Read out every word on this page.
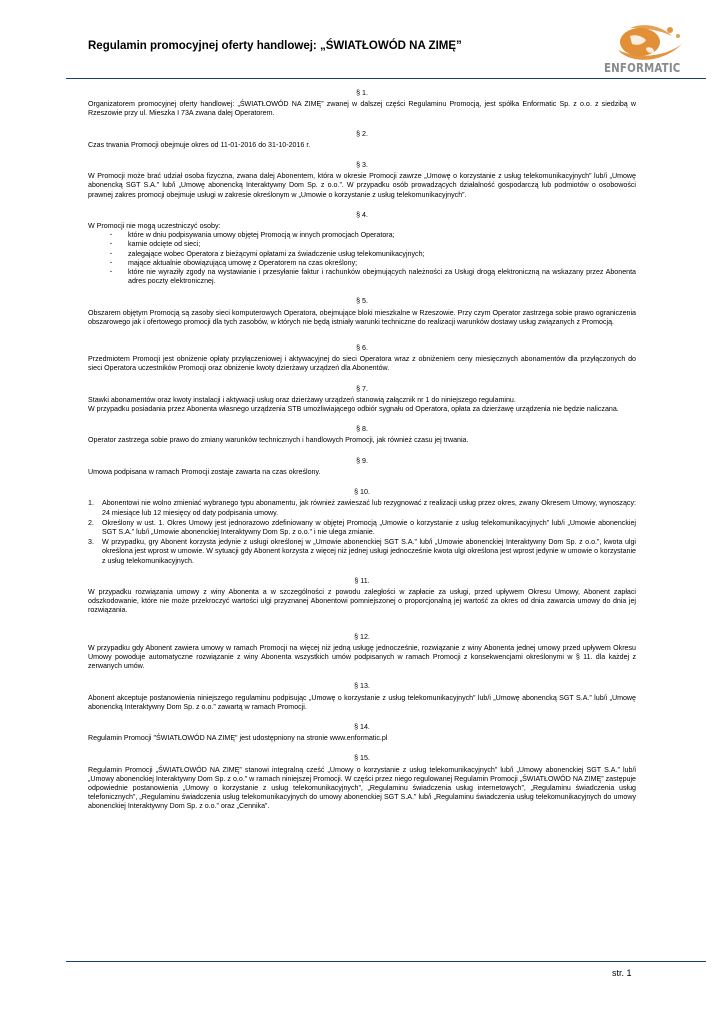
Regulamin promocyjnej oferty handlowej: „ŚWIATŁOWÓD NA ZIMĘ”
ENFORMATIC
§ 1.

Organizatorem promocyjnej oferty handlowej: „ŚWIATŁOWÓD NA ZIMĘ” zwanej w dalszej części Regulaminu Promocją, jest spółka Enformatic Sp. z o.o. z siedzibą w Rzeszowie przy ul. Mieszka I 73A zwana dalej Operatorem.

§ 2.

Czas trwania Promocji obejmuje okres od 11-01-2016 do 31-10-2016 r.

§ 3.

W Promocji może brać udział osoba fizyczna, zwana dalej Abonentem, która w okresie Promocji zawrze „Umowę o korzystanie z usług telekomunikacyjnych” lub/i „Umowę abonencką SGT S.A.” lub/i „Umowę abonencką Interaktywny Dom Sp. z o.o.”. W przypadku osób prowadzących działalność gospodarczą lub podmiotów o osobowości prawnej zakres promocji obejmuje usługi w zakresie określonym w „Umowie o korzystanie z usług telekomunikacyjnych”.

§ 4.

W Promocji nie mogą uczestniczyć osoby:

· które w dniu podpisywania umowy objętej Promocją w innych promocjach Operatora;
· karnie odcięte od sieci;
· zalegające wobec Operatora z bieżącymi opłatami za świadczenie usług telekomunikacyjnych;
· mające aktualnie obowiązującą umowę z Operatorem na czas określony;
· które nie wyraziły zgody na wystawianie i przesyłanie faktur i rachunków obejmujących należności za Usługi drogą elektroniczną na wskazany przez Abonenta adres poczty elektronicznej.
§ 5.

Obszarem objętym Promocją są zasoby sieci komputerowych Operatora, obejmujące bloki mieszkalne w Rzeszowie. Przy czym Operator zastrzega sobie prawo ograniczenia obszarowego jak i ofertowego promocji dla tych zasobów, w których nie będą istniały warunki techniczne do realizacji warunków dostawy usług związanych z Promocją.

§ 6.

Przedmiotem Promocji jest obniżenie opłaty przyłączeniowej i aktywacyjnej do sieci Operatora wraz z obniżeniem ceny miesięcznych abonamentów dla przyłączonych do sieci Operatora uczestników Promocji oraz obniżenie kwoty dzierżawy urządzeń dla Abonentów.

§ 7.

Stawki abonamentów oraz kwoty instalacji i aktywacji usług oraz dzierżawy urządzeń stanowią załącznik nr 1 do niniejszego regulaminu.

W przypadku posiadania przez Abonenta własnego urządzenia STB umożliwiającego odbiór sygnału od Operatora, opłata za dzierżawę urządzenia nie będzie naliczana.

§ 8.

Operator zastrzega sobie prawo do zmiany warunków technicznych i handlowych Promocji, jak również czasu jej trwania.

§ 9.

Umowa podpisana w ramach Promocji zostaje zawarta na czas określony.

§ 10.
1. Abonentowi nie wolno zmieniać wybranego typu abonamentu, jak również zawieszać lub rezygnować z realizacji usług przez okres, zwany Okresem Umowy, wynoszący: 24 miesiące lub 12 miesięcy od daty podpisania umowy.
2. Określony w ust. 1. Okres Umowy jest jednorazowo zdefiniowany w objętej Promocją „Umowie o korzystanie z usług telekomunikacyjnych” lub/i „Umowie abonenckiej SGT S.A.” lub/i „Umowie abonenckiej Interaktywny Dom Sp. z o.o.” i nie ulega zmianie.
3. W przypadku, gry Abonent korzysta jedynie z usługi określonej w „Umowie abonenckiej SGT S.A.” lub/i „Umowie abonenckiej Interaktywny Dom Sp. z o.o.”, kwota ulgi określona jest wprost w umowie. W sytuacji gdy Abonent korzysta z więcej niż jednej usługi jednocześnie kwota ulgi określona jest wprost jedynie w umowie o korzystanie z usług telekomunikacyjnych.
§ 11.

W przypadku rozwiązania umowy z winy Abonenta a w szczególności z powodu zaległości w zapłacie za usługi, przed upływem Okresu Umowy, Abonent zapłaci odszkodowanie, które nie może przekroczyć wartości ulgi przyznanej Abonentowi pomniejszonej o proporcjonalną jej wartość za okres od dnia zawarcia umowy do dnia jej rozwiązania.

§ 12.

W przypadku gdy Abonent zawiera umowy w ramach Promocji na więcej niż jedną usługę jednocześnie, rozwiązanie z winy Abonenta jednej umowy przed upływem Okresu Umowy powoduje automatyczne rozwiązanie z winy Abonenta wszystkich umów podpisanych w ramach Promocji z konsekwencjami określonymi w § 11. dla każdej z zerwanych umów.

§ 13.

Abonent akceptuje postanowienia niniejszego regulaminu podpisując „Umowę o korzystanie z usług telekomunikacyjnych” lub/i „Umowę abonencką SGT S.A.” lub/i „Umowę abonencką Interaktywny Dom Sp. z o.o.” zawartą w ramach Promocji.

§ 14.

Regulamin Promocji "ŚWIATŁOWÓD NA ZIMĘ" jest udostępniony na stronie www.enformatic.pl

§ 15.

Regulamin Promocji „ŚWIATŁOWÓD NA ZIMĘ” stanowi integralną cześć „Umowy o korzystanie z usług telekomunikacyjnych” lub/i „Umowy abonenckiej SGT S.A.” lub/i „Umowy abonenckiej Interaktywny Dom Sp. z o.o.” w ramach niniejszej Promocji. W części przez niego regulowanej Regulamin Promocji „ŚWIATŁOWÓD NA ZIMĘ” zastępuje odpowiednie postanowienia „Umowy o korzystanie z usług telekomunikacyjnych”, „Regulaminu świadczenia usług internetowych”, „Regulaminu świadczenia usług telefonicznych”, „Regulaminu świadczenia usług telekomunikacyjnych do umowy abonenckiej SGT S.A.” lub/i „Regulaminu świadczenia usług telekomunikacyjnych do umowy abonenckiej Interaktywny Dom Sp. z o.o.” oraz „Cennika”.

str. 1
